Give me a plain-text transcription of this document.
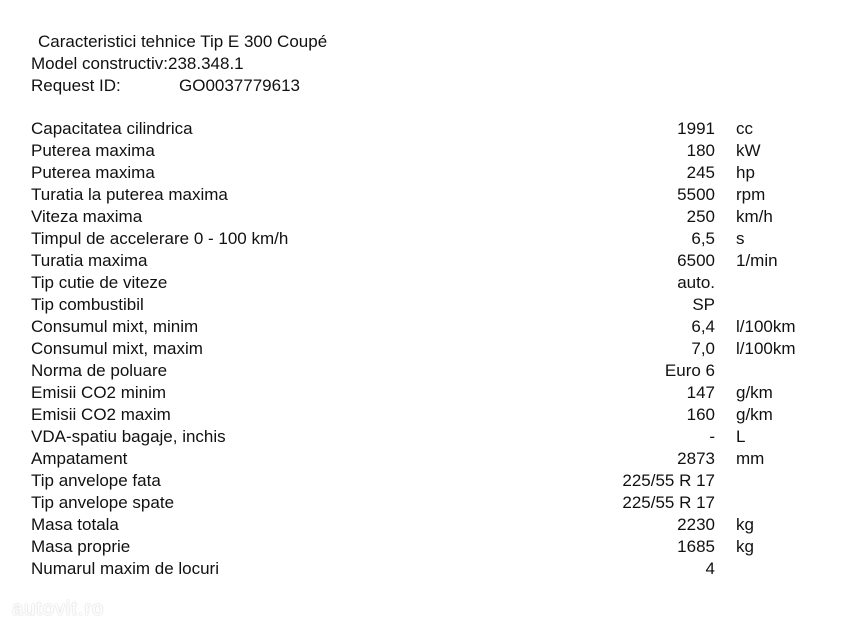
Caracteristici tehnice Tip E 300 Coupé
Model constructiv:238.348.1
Request ID:	GO0037779613
Capacitatea cilindrica	1991 cc
Puterea maxima	180 kW
Puterea maxima	245 hp
Turatia la puterea maxima	5500 rpm
Viteza maxima	250 km/h
Timpul de accelerare 0 - 100 km/h	6,5 s
Turatia maxima	6500 1/min
Tip cutie de viteze	auto.
Tip combustibil	SP
Consumul mixt, minim	6,4 l/100km
Consumul mixt, maxim	7,0 l/100km
Norma de poluare	Euro 6
Emisii CO2 minim	147 g/km
Emisii CO2 maxim	160 g/km
VDA-spatiu bagaje, inchis	- L
Ampatament	2873 mm
Tip anvelope fata	225/55 R 17
Tip anvelope spate	225/55 R 17
Masa totala	2230 kg
Masa proprie	1685 kg
Numarul maxim de locuri	4
autovit.ro
